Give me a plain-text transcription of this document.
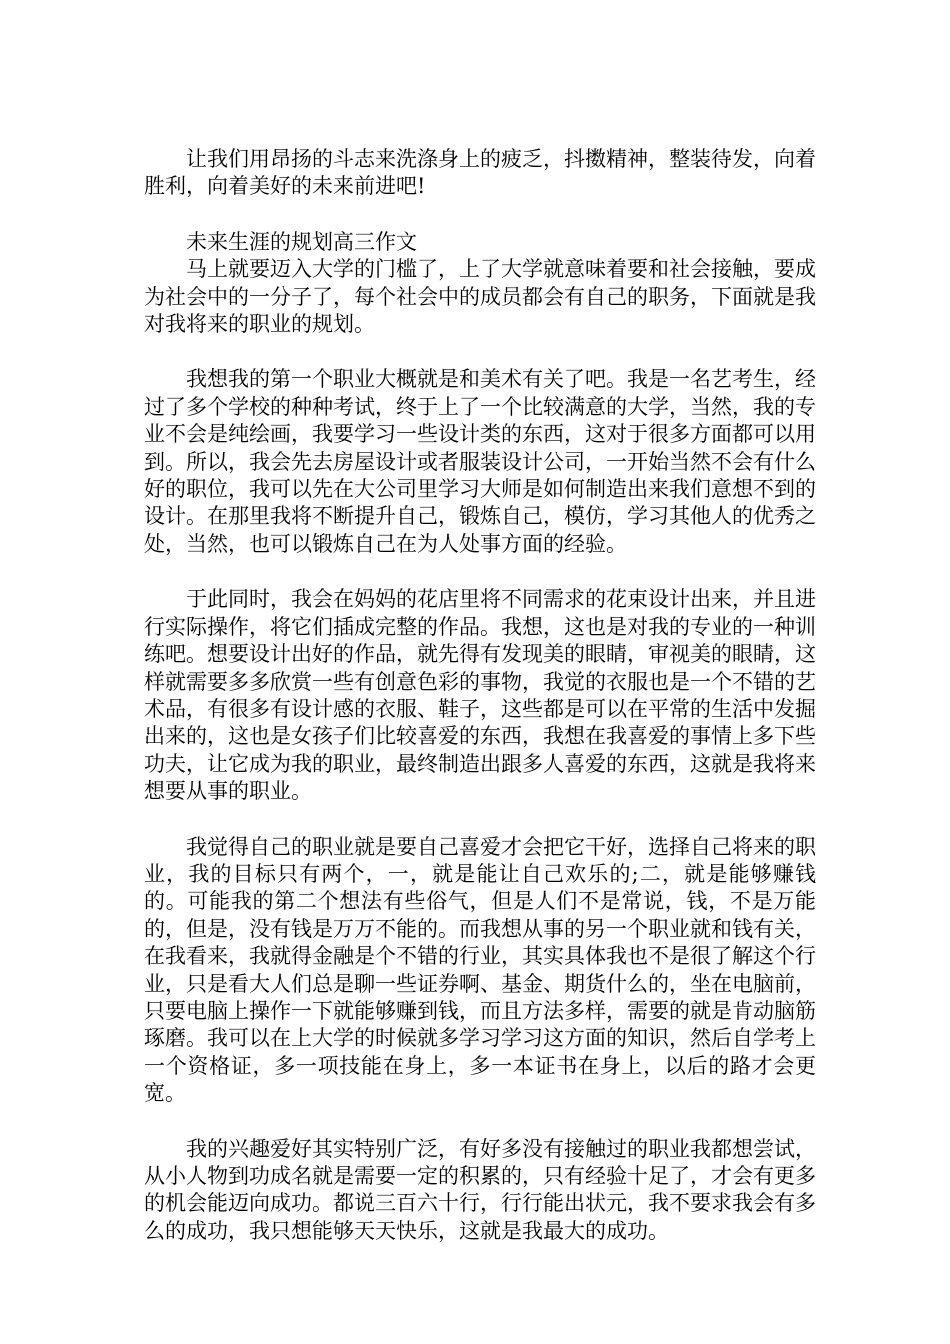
让我们用昂扬的斗志来洗涤身上的疲乏，抖擞精神，整装待发，向着胜利，向着美好的未来前进吧!

未来生涯的规划高三作文

马上就要迈入大学的门槛了，上了大学就意味着要和社会接触，要成为社会中的一分子了，每个社会中的成员都会有自己的职务，下面就是我对我将来的职业的规划。

我想我的第一个职业大概就是和美术有关了吧。我是一名艺考生，经过了多个学校的种种考试，终于上了一个比较满意的大学，当然，我的专业不会是纯绘画，我要学习一些设计类的东西，这对于很多方面都可以用到。所以，我会先去房屋设计或者服装设计公司，一开始当然不会有什么好的职位，我可以先在大公司里学习大师是如何制造出来我们意想不到的设计。在那里我将不断提升自己，锻炼自己，模仿，学习其他人的优秀之处，当然，也可以锻炼自己在为人处事方面的经验。

于此同时，我会在妈妈的花店里将不同需求的花束设计出来，并且进行实际操作，将它们插成完整的作品。我想，这也是对我的专业的一种训练吧。想要设计出好的作品，就先得有发现美的眼睛，审视美的眼睛，这样就需要多多欣赏一些有创意色彩的事物，我觉的衣服也是一个不错的艺术品，有很多有设计感的衣服、鞋子，这些都是可以在平常的生活中发掘出来的，这也是女孩子们比较喜爱的东西，我想在我喜爱的事情上多下些功夫，让它成为我的职业，最终制造出跟多人喜爱的东西，这就是我将来想要从事的职业。

我觉得自己的职业就是要自己喜爱才会把它干好，选择自己将来的职业，我的目标只有两个，一，就是能让自己欢乐的;二，就是能够赚钱的。可能我的第二个想法有些俗气，但是人们不是常说，钱，不是万能的，但是，没有钱是万万不能的。而我想从事的另一个职业就和钱有关，在我看来，我就得金融是个不错的行业，其实具体我也不是很了解这个行业，只是看大人们总是聊一些证券啊、基金、期货什么的，坐在电脑前，只要电脑上操作一下就能够赚到钱，而且方法多样，需要的就是肯动脑筋琢磨。我可以在上大学的时候就多学习学习这方面的知识，然后自学考上一个资格证，多一项技能在身上，多一本证书在身上，以后的路才会更宽。

我的兴趣爱好其实特别广泛，有好多没有接触过的职业我都想尝试，从小人物到功成名就是需要一定的积累的，只有经验十足了，才会有更多的机会能迈向成功。都说三百六十行，行行能出状元，我不要求我会有多么的成功，我只想能够天天快乐，这就是我最大的成功。
